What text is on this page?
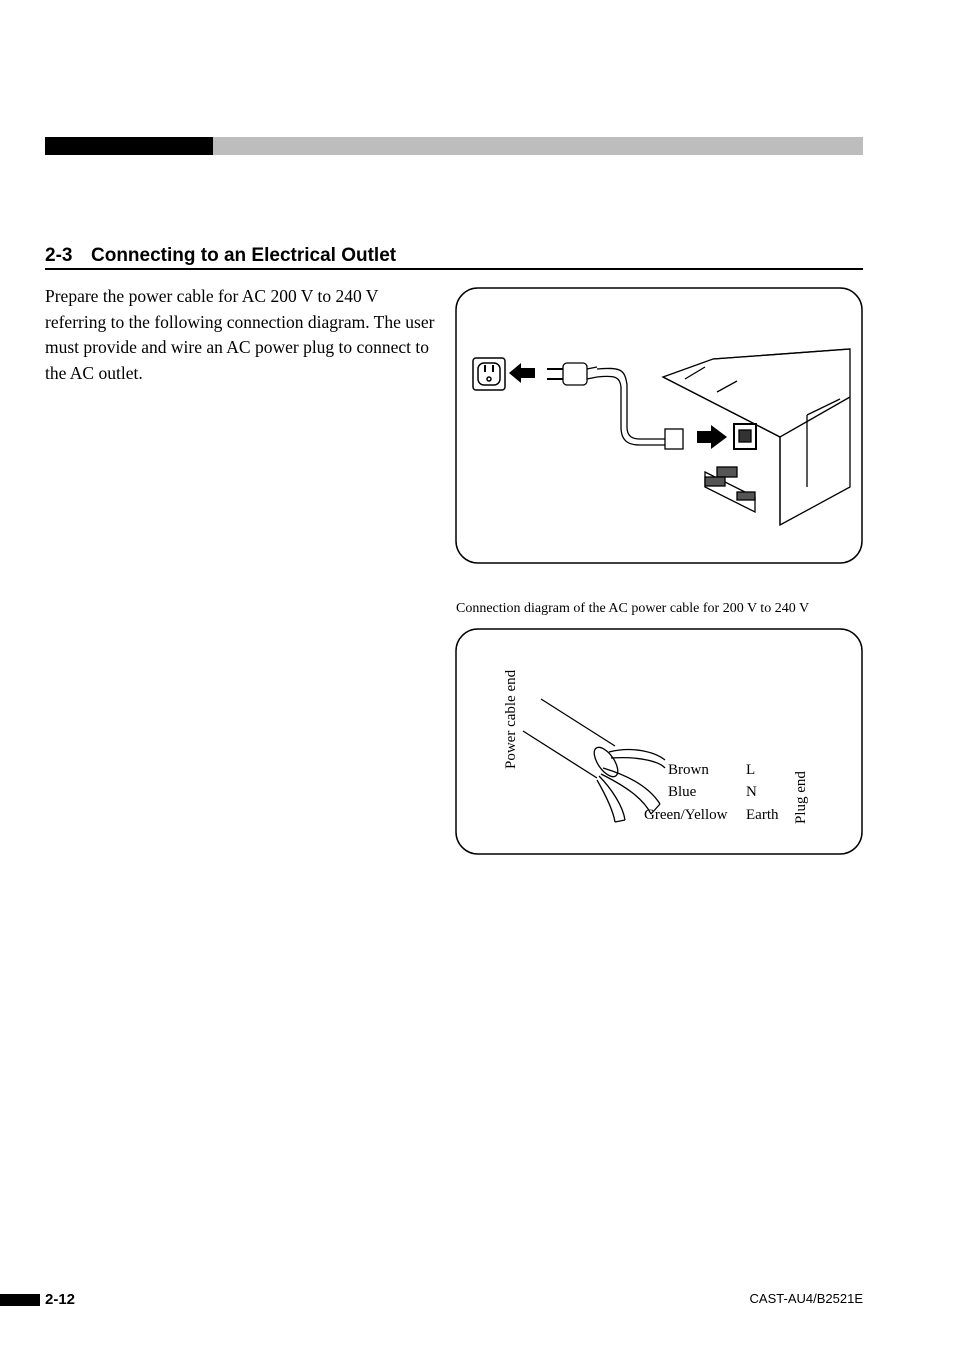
2-3 Connecting to an Electrical Outlet

Prepare the power cable for AC 200 V to 240 V referring to the following connection diagram. The user must provide and wire an AC power plug to connect to the AC outlet.

Connection diagram of the AC power cable for 200 V to 240 V
Power cable end
Brown L
Blue	N
Green/Yellow Earth Plug end
2-12	CAST-AU4/B2521E
